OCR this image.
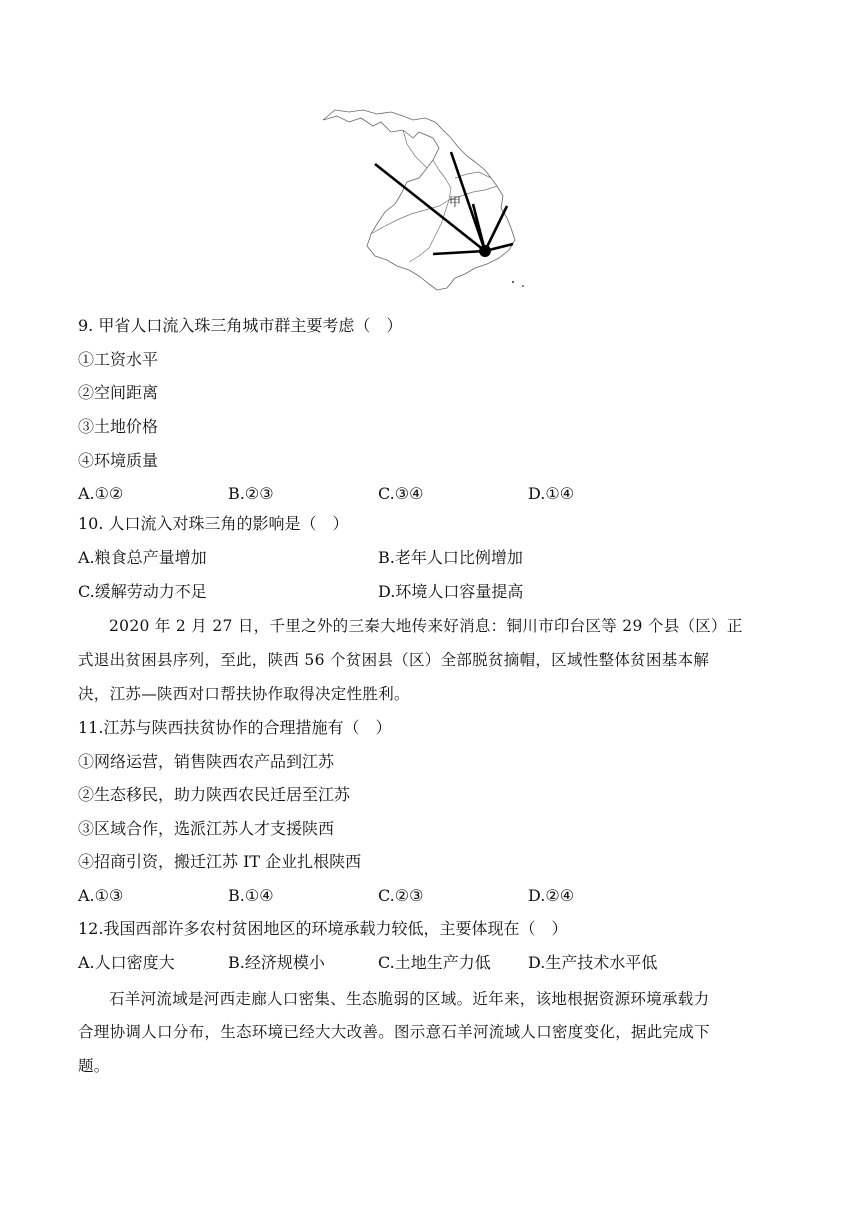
甲
9. 甲省人口流入珠三角城市群主要考虑（　）
①工资水平
②空间距离
③土地价格
④环境质量
A.①②	B.②③	C.③④	D.①④
10. 人口流入对珠三角的影响是（　）
A.粮食总产量增加	B.老年人口比例增加
C.缓解劳动力不足	D.环境人口容量提高
2020 年 2 月 27 日，千里之外的三秦大地传来好消息：铜川市印台区等 29 个县（区）正
式退出贫困县序列，至此，陕西 56 个贫困县（区）全部脱贫摘帽，区域性整体贫困基本解
决，江苏—陕西对口帮扶协作取得决定性胜利。
11.江苏与陕西扶贫协作的合理措施有（　）
①网络运营，销售陕西农产品到江苏
②生态移民，助力陕西农民迁居至江苏
③区域合作，选派江苏人才支援陕西
④招商引资，搬迁江苏 IT 企业扎根陕西
A.①③	B.①④	C.②③	D.②④
12.我国西部许多农村贫困地区的环境承载力较低，主要体现在（　）
A.人口密度大	B.经济规模小	C.土地生产力低 D.生产技术水平低
石羊河流域是河西走廊人口密集、生态脆弱的区域。近年来，该地根据资源环境承载力
合理协调人口分布，生态环境已经大大改善。图示意石羊河流域人口密度变化，据此完成下
题。
